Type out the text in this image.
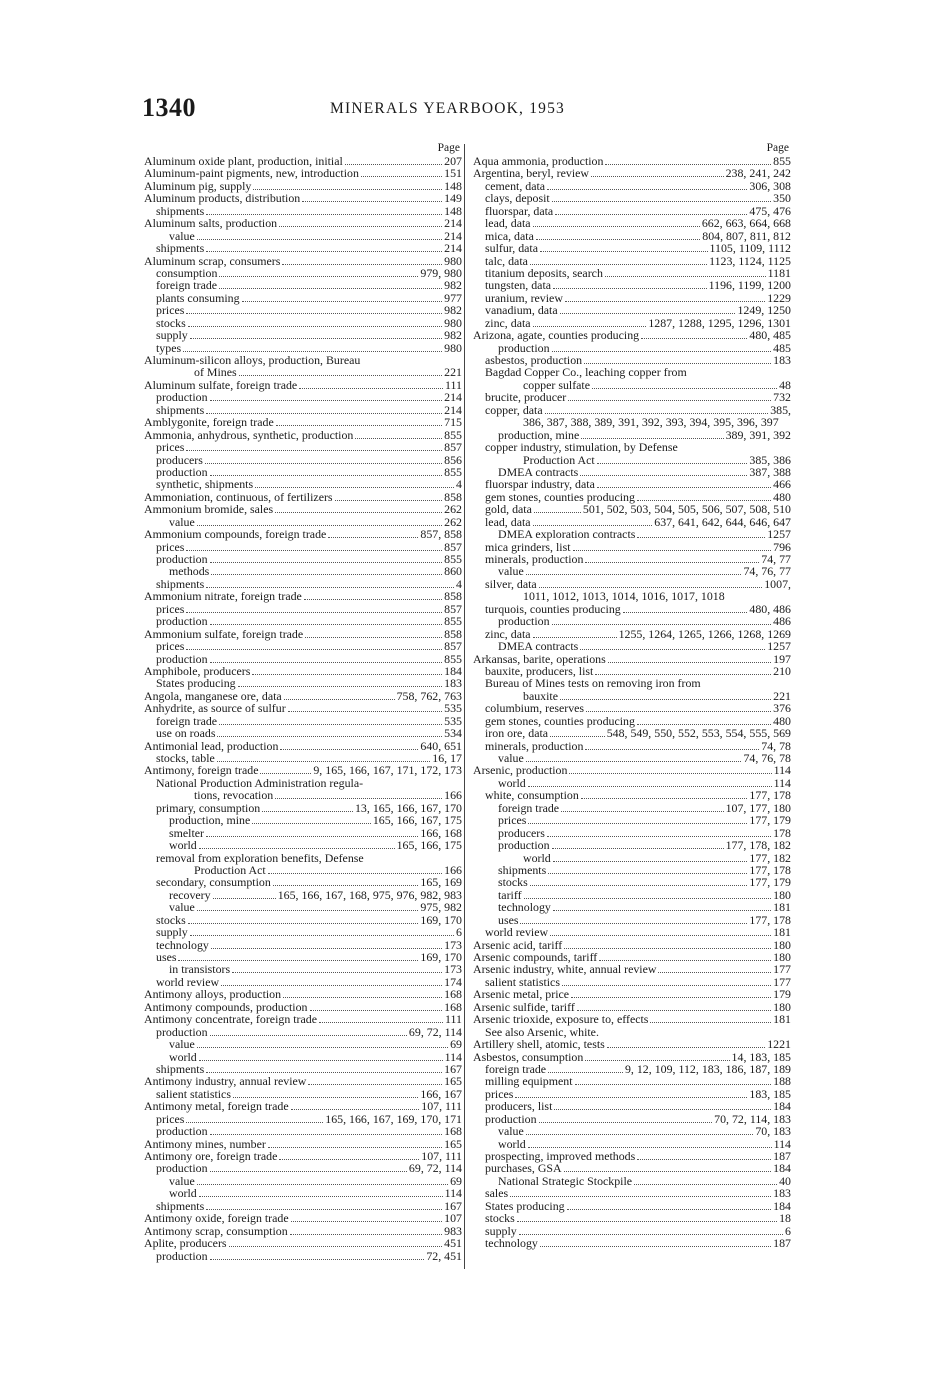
1340	MINERALS YEARBOOK, 1953
Page
Aluminum oxide plant, production, initial	207
Aluminum-paint pigments, new, introduction	151
Aluminum pig, supply	148
Aluminum products, distribution	149
shipments	148
Aluminum salts, production	214
value	214
shipments	214
Aluminum scrap, consumers	980
consumption	979, 980
foreign trade	982
plants consuming	977
prices	982
stocks	980
supply	982
types	980
Aluminum-silicon alloys, production, Bureau
of Mines	221
Aluminum sulfate, foreign trade	111
production	214
shipments	214
Amblygonite, foreign trade	715
Ammonia, anhydrous, synthetic, production	855
prices	857
producers	856
production	855
synthetic, shipments	4
Ammoniation, continuous, of fertilizers	858
Ammonium bromide, sales	262
value	262
Ammonium compounds, foreign trade	857, 858
prices	857
production	855
methods	860
shipments	4
Ammonium nitrate, foreign trade	858
prices	857
production	855
Ammonium sulfate, foreign trade	858
prices	857
production	855
Amphibole, producers	184
States producing	183
Angola, manganese ore, data	758, 762, 763
Anhydrite, as source of sulfur	535
foreign trade	535
use on roads	534
Antimonial lead, production	640, 651
stocks, table	16, 17
Antimony, foreign trade	9, 165, 166, 167, 171, 172, 173
National Production Administration regula-
tions, revocation	166
primary, consumption	13, 165, 166, 167, 170
production, mine	165, 166, 167, 175
smelter	166, 168
world	165, 166, 175
removal from exploration benefits, Defense
Production Act	166
secondary, consumption	165, 169
recovery	165, 166, 167, 168, 975, 976, 982, 983
value	975, 982
stocks	169, 170
supply	6
technology	173
uses	169, 170
in transistors	173
world review	174
Antimony alloys, production	168
Antimony compounds, production	168
Antimony concentrate, foreign trade	111
production	69, 72, 114
value	69
world	114
shipments	167
Antimony industry, annual review	165
salient statistics	166, 167
Antimony metal, foreign trade	107, 111
prices	165, 166, 167, 169, 170, 171
production	168
Antimony mines, number	165
Antimony ore, foreign trade	107, 111
production	69, 72, 114
value	69
world	114
shipments	167
Antimony oxide, foreign trade	107
Antimony scrap, consumption	983
Aplite, producers	451
production	72, 451
Page
Aqua ammonia, production	855
Argentina, beryl, review	238, 241, 242
cement, data	306, 308
clays, deposit	350
fluorspar, data	475, 476
lead, data	662, 663, 664, 668
mica, data	804, 807, 811, 812
sulfur, data	1105, 1109, 1112
talc, data	1123, 1124, 1125
titanium deposits, search	1181
tungsten, data	1196, 1199, 1200
uranium, review	1229
vanadium, data	1249, 1250
zinc, data	1287, 1288, 1295, 1296, 1301
Arizona, agate, counties producing	480, 485
production	485
asbestos, production	183
Bagdad Copper Co., leaching copper from
copper sulfate	48
brucite, producer	732
copper, data	385,
386, 387, 388, 389, 391, 392, 393, 394, 395, 396, 397
production, mine	389, 391, 392
copper industry, stimulation, by Defense
Production Act	385, 386
DMEA contracts	387, 388
fluorspar industry, data	466
gem stones, counties producing	480
gold, data	501, 502, 503, 504, 505, 506, 507, 508, 510
lead, data	637, 641, 642, 644, 646, 647
DMEA exploration contracts	1257
mica grinders, list	796
minerals, production	74, 77
value	74, 76, 77
silver, data	1007,
1011, 1012, 1013, 1014, 1016, 1017, 1018
turquois, counties producing	480, 486
production	486
zinc, data	1255, 1264, 1265, 1266, 1268, 1269
DMEA contracts	1257
Arkansas, barite, operations	197
bauxite, producers, list	210
Bureau of Mines tests on removing iron from
bauxite	221
columbium, reserves	376
gem stones, counties producing	480
iron ore, data	548, 549, 550, 552, 553, 554, 555, 569
minerals, production	74, 78
value	74, 76, 78
Arsenic, production	114
world	114
white, consumption	177, 178
foreign trade	107, 177, 180
prices	177, 179
producers	178
production	177, 178, 182
world	177, 182
shipments	177, 178
stocks	177, 179
tariff	180
technology	181
uses	177, 178
world review	181
Arsenic acid, tariff	180
Arsenic compounds, tariff	180
Arsenic industry, white, annual review	177
salient statistics	177
Arsenic metal, price	179
Arsenic sulfide, tariff	180
Arsenic trioxide, exposure to, effects	181
See also Arsenic, white.
Artillery shell, atomic, tests	1221
Asbestos, consumption	14, 183, 185
foreign trade	9, 12, 109, 112, 183, 186, 187, 189
milling equipment	188
prices	183, 185
producers, list	184
production	70, 72, 114, 183
value	70, 183
world	114
prospecting, improved methods	187
purchases, GSA	184
National Strategic Stockpile	40
sales	183
States producing	184
stocks	18
supply	6
technology	187
